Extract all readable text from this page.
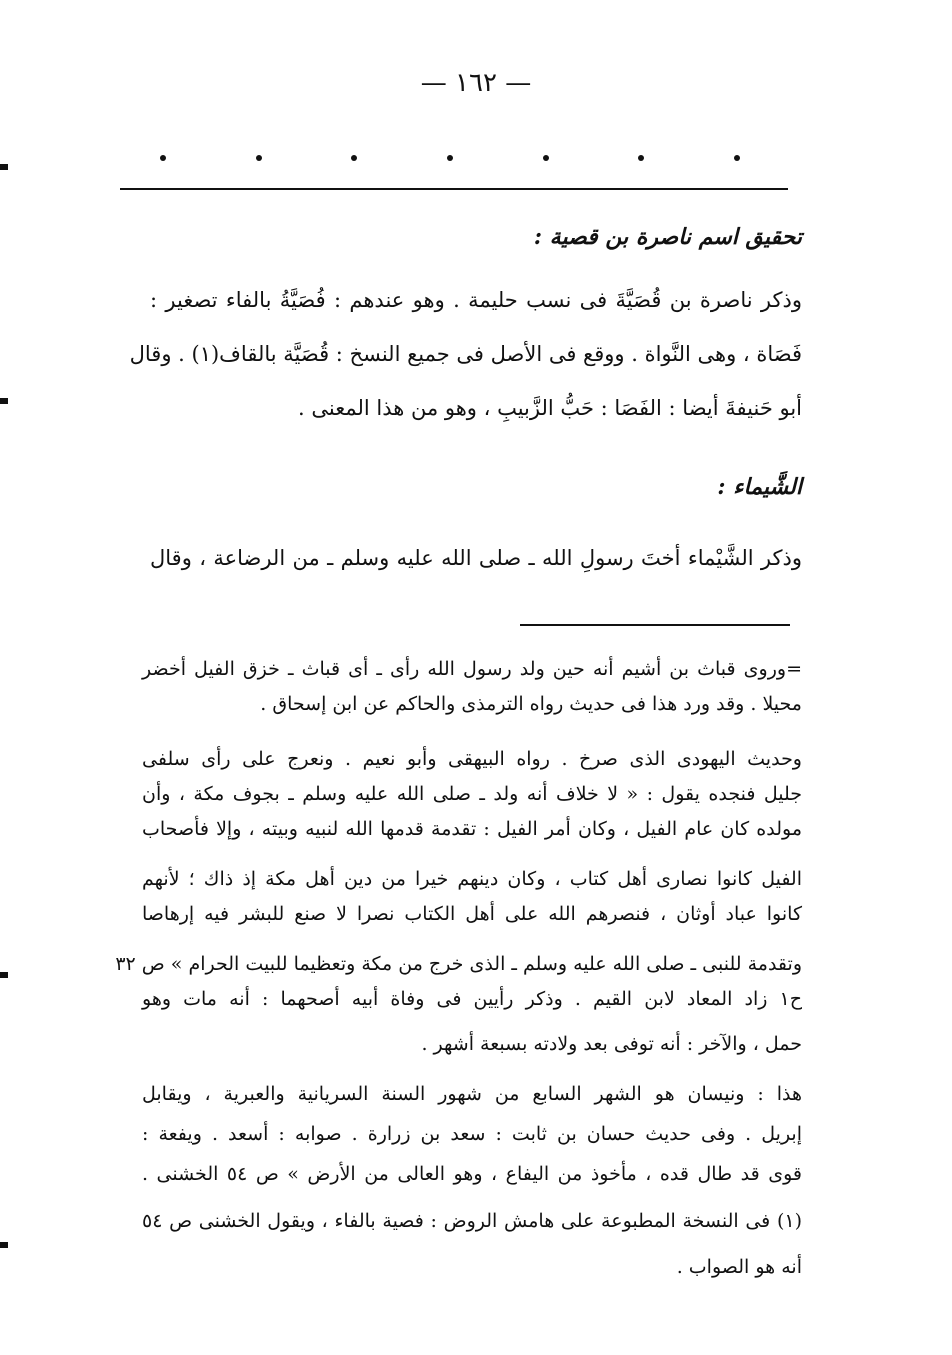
— ١٦٢ —
تحقيق اسم ناصرة بن قصية :
وذكر ناصرة بن قُصَيَّةَ فى نسب حليمة . وهو عندهم : فُصَيَّةُ بالفاء تصغير :
فَصَاة ، وهى النَّواة . ووقع فى الأصل فى جميع النسخ : قُصَيَّة بالقاف(١) . وقال
أبو حَنيفةَ أيضا : الفَصَا : حَبُّ الزَّبيبِ ، وهو من هذا المعنى .
الشَّيماء :
وذكر الشَّيْماء أختَ رسولِ الله ـ صلى الله عليه وسلم ـ من الرضاعة ، وقال
=وروى قباث بن أشيم أنه حين ولد رسول الله رأى ـ أى قباث ـ خزق الفيل أخضر
محيلا . وقد ورد هذا فى حديث رواه الترمذى والحاكم عن ابن إسحاق .
وحديث اليهودى الذى صرخ . رواه البيهقى وأبو نعيم . ونعرج على رأى سلفى
جليل فنجده يقول : « لا خلاف أنه ولد ـ صلى الله عليه وسلم ـ بجوف مكة ، وأن
مولده كان عام الفيل ، وكان أمر الفيل : تقدمة قدمها الله لنبيه وبيته ، وإلا فأصحاب
الفيل كانوا نصارى أهل كتاب ، وكان دينهم خيرا من دين أهل مكة إذ ذاك ؛ لأنهم
كانوا عباد أوثان ، فنصرهم الله على أهل الكتاب نصرا لا صنع للبشر فيه إرهاصا
وتقدمة للنبى ـ صلى الله عليه وسلم ـ الذى خرج من مكة وتعظيما للبيت الحرام » ص ٣٢
ح١ زاد المعاد لابن القيم . وذكر رأيين فى وفاة أبيه أصحهما : أنه مات وهو
حمل ، والآخر : أنه توفى بعد ولادته بسبعة أشهر .
هذا : ونيسان هو الشهر السابع من شهور السنة السريانية والعبرية ، ويقابل
إبريل . وفى حديث حسان بن ثابت : سعد بن زرارة . صوابه : أسعد . ويفعة :
قوى قد طال قده ، مأخوذ من اليفاع ، وهو العالى من الأرض » ص ٥٤ الخشنى .
(١) فى النسخة المطبوعة على هامش الروض : فصية بالفاء ، ويقول الخشنى ص ٥٤
أنه هو الصواب .
